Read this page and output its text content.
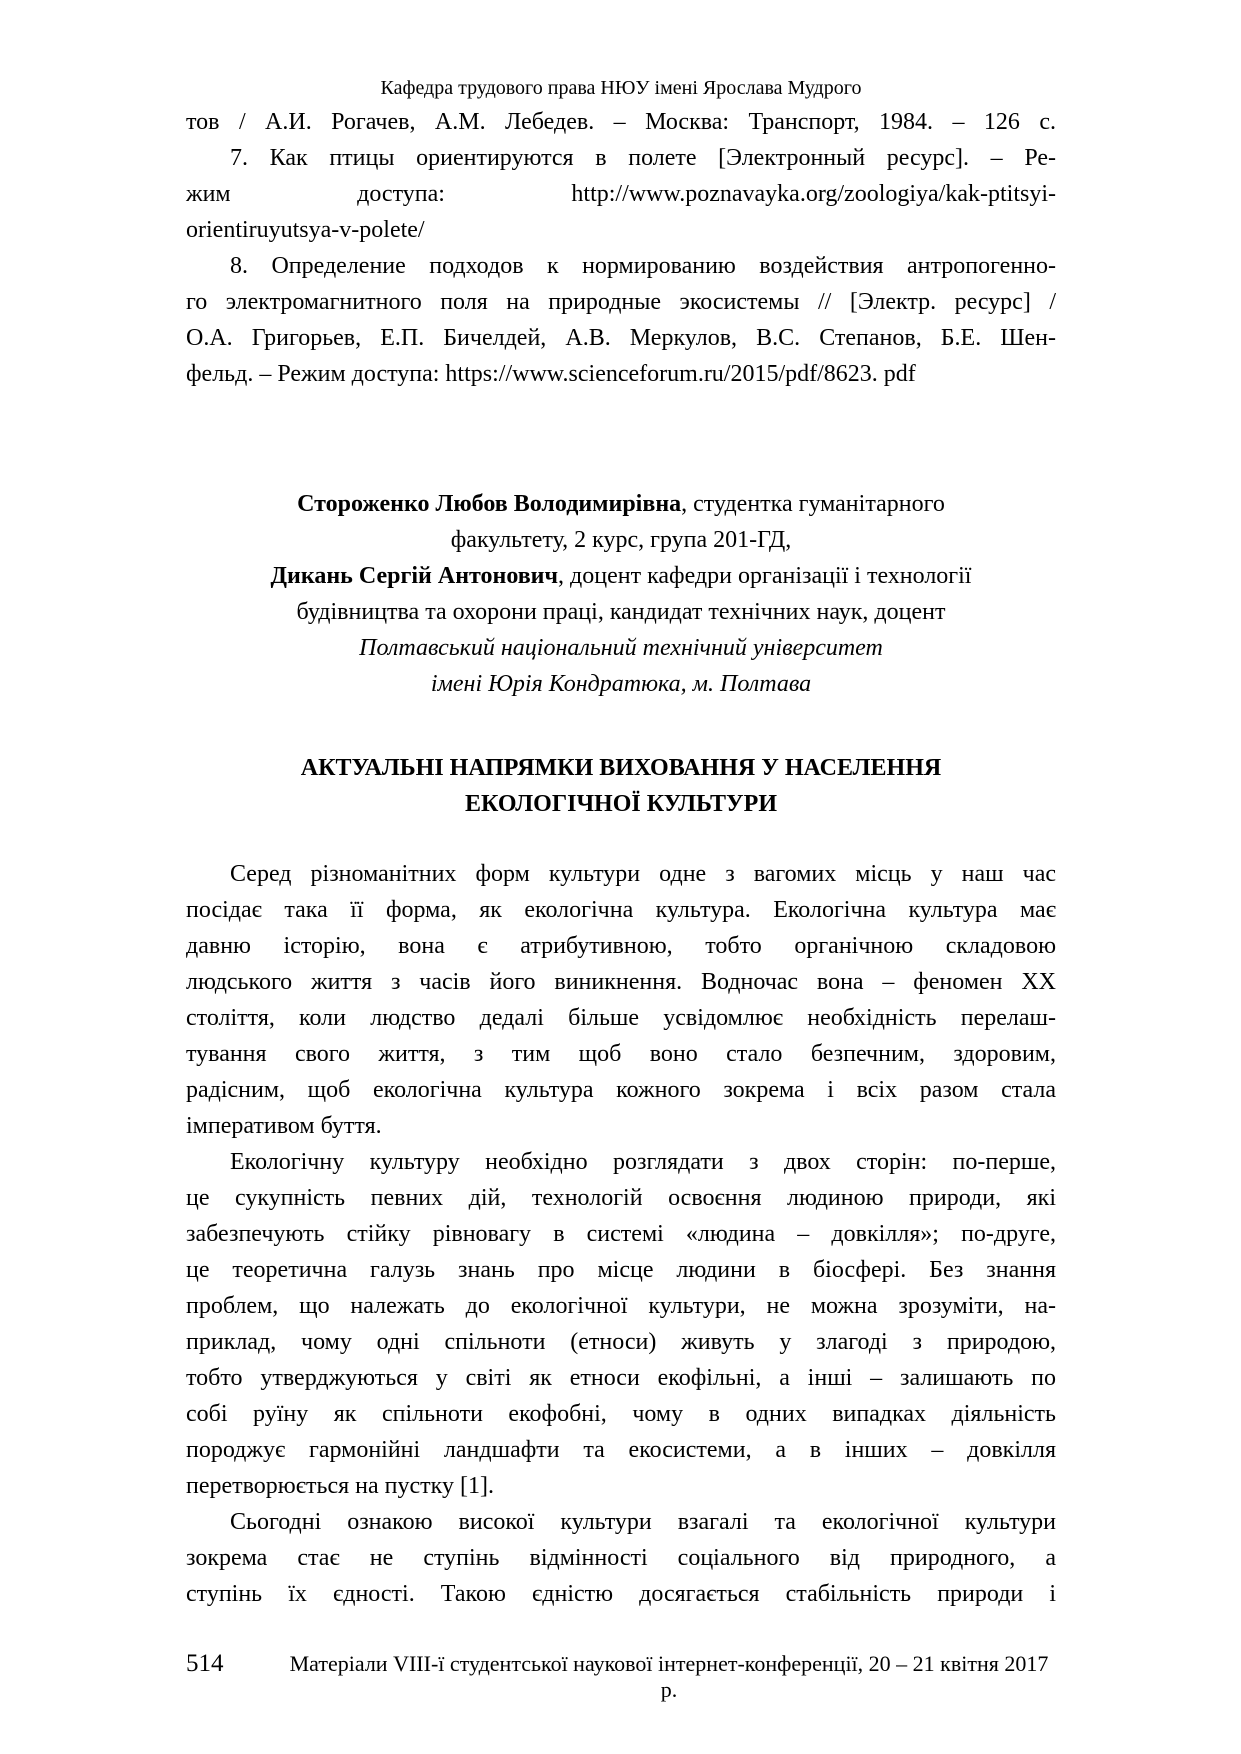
Кафедра трудового права НЮУ імені Ярослава Мудрого
тов / А.И. Рогачев, А.М. Лебедев. – Москва: Транспорт, 1984. – 126 с.
7. Как птицы ориентируются в полете [Электронный ресурс]. – Ре-
жим доступа: http://www.poznavayka.org/zoologiya/kak-ptitsyi-
orientiruyutsya-v-polete/
8. Определение подходов к нормированию воздействия антропогенно-
го электромагнитного поля на природные экосистемы // [Электр. ресурс] /
О.А. Григорьев, Е.П. Бичелдей, А.В. Меркулов, В.С. Степанов, Б.Е. Шен-
фельд. – Режим доступа: https://www.scienceforum.ru/2015/pdf/8623. pdf
Стороженко Любов Володимирівна, студентка гуманітарного
факультету, 2 курс, група 201-ГД,
Дикань Сергій Антонович, доцент кафедри організації і технології
будівництва та охорони праці, кандидат технічних наук, доцент
Полтавський національний технічний університет
імені Юрія Кондратюка, м. Полтава
АКТУАЛЬНІ НАПРЯМКИ ВИХОВАННЯ У НАСЕЛЕННЯ
ЕКОЛОГІЧНОЇ КУЛЬТУРИ
Серед різноманітних форм культури одне з вагомих місць у наш час
посідає така її форма, як екологічна культура. Екологічна культура має
давню історію, вона є атрибутивною, тобто органічною складовою
людського життя з часів його виникнення. Водночас вона – феномен ХХ
століття, коли людство дедалі більше усвідомлює необхідність перелаш-
тування свого життя, з тим щоб воно стало безпечним, здоровим,
радісним, щоб екологічна культура кожного зокрема і всіх разом стала
імперативом буття.
Екологічну культуру необхідно розглядати з двох сторін: по-перше,
це сукупність певних дій, технологій освоєння людиною природи, які
забезпечують стійку рівновагу в системі «людина – довкілля»; по-друге,
це теоретична галузь знань про місце людини в біосфері. Без знання
проблем, що належать до екологічної культури, не можна зрозуміти, на-
приклад, чому одні спільноти (етноси) живуть у злагоді з природою,
тобто утверджуються у світі як етноси екофільні, а інші – залишають по
собі руїну як спільноти екофобні, чому в одних випадках діяльність
породжує гармонійні ландшафти та екосистеми, а в інших – довкілля
перетворюється на пустку [1].
Сьогодні ознакою високої культури взагалі та екологічної культури
зокрема стає не ступінь відмінності соціального від природного, а
ступінь їх єдності. Такою єдністю досягається стабільність природи і
514	Матеріали VIII-ї студентської наукової інтернет-конференції, 20 – 21 квітня 2017 р.
